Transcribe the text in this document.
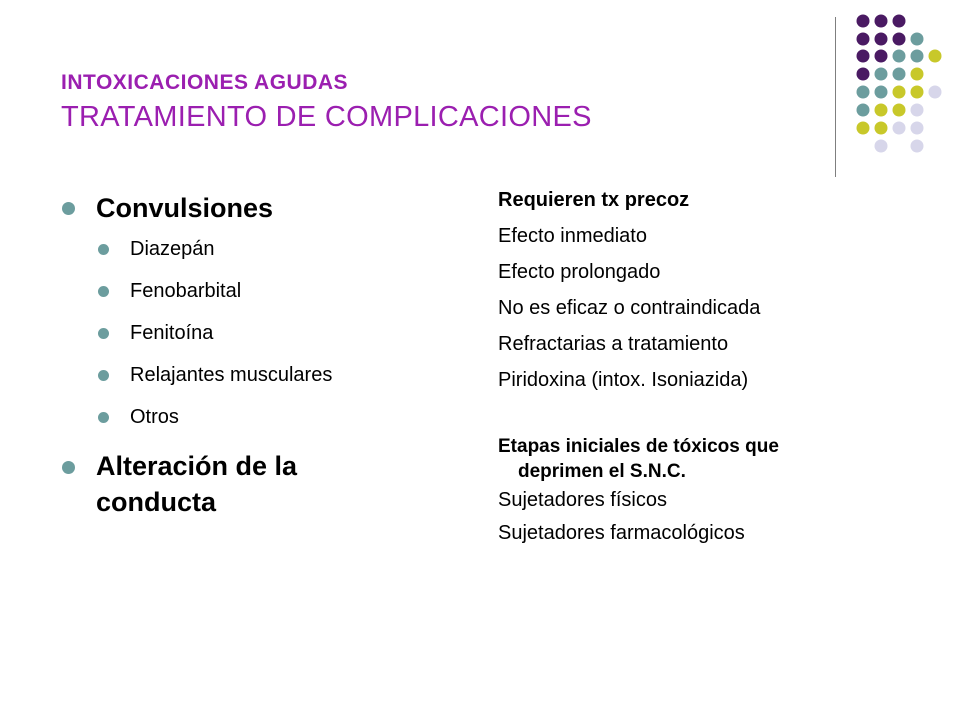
INTOXICACIONES AGUDAS
TRATAMIENTO DE COMPLICACIONES
Convulsiones
Diazepán
Fenobarbital
Fenitoína
Relajantes musculares
Otros
Alteración de la
conducta
Requieren tx precoz
Efecto inmediato
Efecto prolongado
No es eficaz o contraindicada
Refractarias a tratamiento
Piridoxina (intox. Isoniazida)
Etapas iniciales de tóxicos que
deprimen el S.N.C.
Sujetadores físicos
Sujetadores farmacológicos
